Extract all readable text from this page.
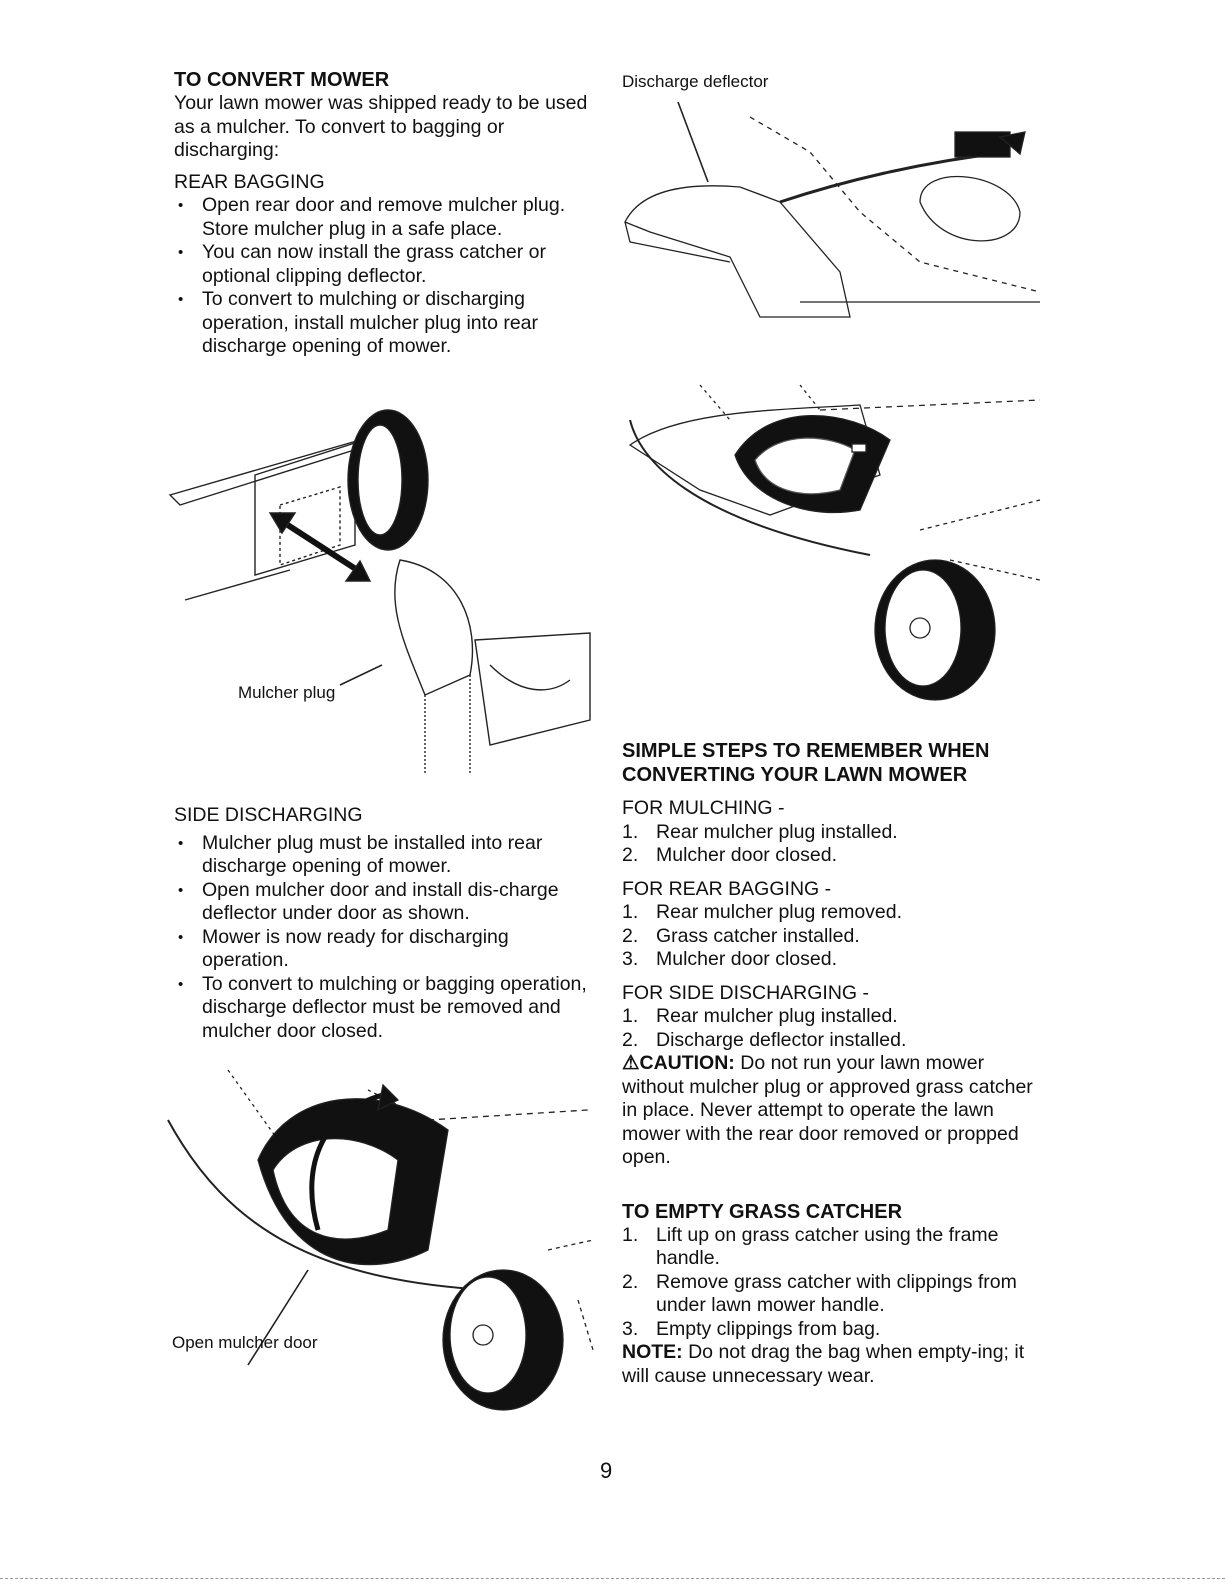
TO CONVERT MOWER

Your lawn mower was shipped ready to be used as a mulcher. To convert to bagging or discharging:

REAR BAGGING

• Open rear door and remove mulcher plug. Store mulcher plug in a safe place.
• You can now install the grass catcher or optional clipping deflector.
• To convert to mulching or discharging operation, install mulcher plug into rear discharge opening of mower.
Mulcher plug

SIDE DISCHARGING

• Mulcher plug must be installed into rear discharge opening of mower.
• Open mulcher door and install dis-charge deflector under door as shown.
• Mower is now ready for discharging operation.
• To convert to mulching or bagging operation, discharge deflector must be removed and mulcher door closed.
Open mulcher door
Discharge deflector

SIMPLE STEPS TO REMEMBER WHEN CONVERTING YOUR LAWN MOWER

FOR MULCHING -

1. Rear mulcher plug installed.
2. Mulcher door closed.

FOR REAR BAGGING -

1. Rear mulcher plug removed.
2. Grass catcher installed.
3. Mulcher door closed.

FOR SIDE DISCHARGING -

1. Rear mulcher plug installed.
2. Discharge deflector installed.

⚠CAUTION: Do not run your lawn mower without mulcher plug or approved grass catcher in place. Never attempt to operate the lawn mower with the rear door removed or propped open.

TO EMPTY GRASS CATCHER

1. Lift up on grass catcher using the frame handle.
2. Remove grass catcher with clippings from under lawn mower handle.
3. Empty clippings from bag.

NOTE: Do not drag the bag when empty-ing; it will cause unnecessary wear.

9
